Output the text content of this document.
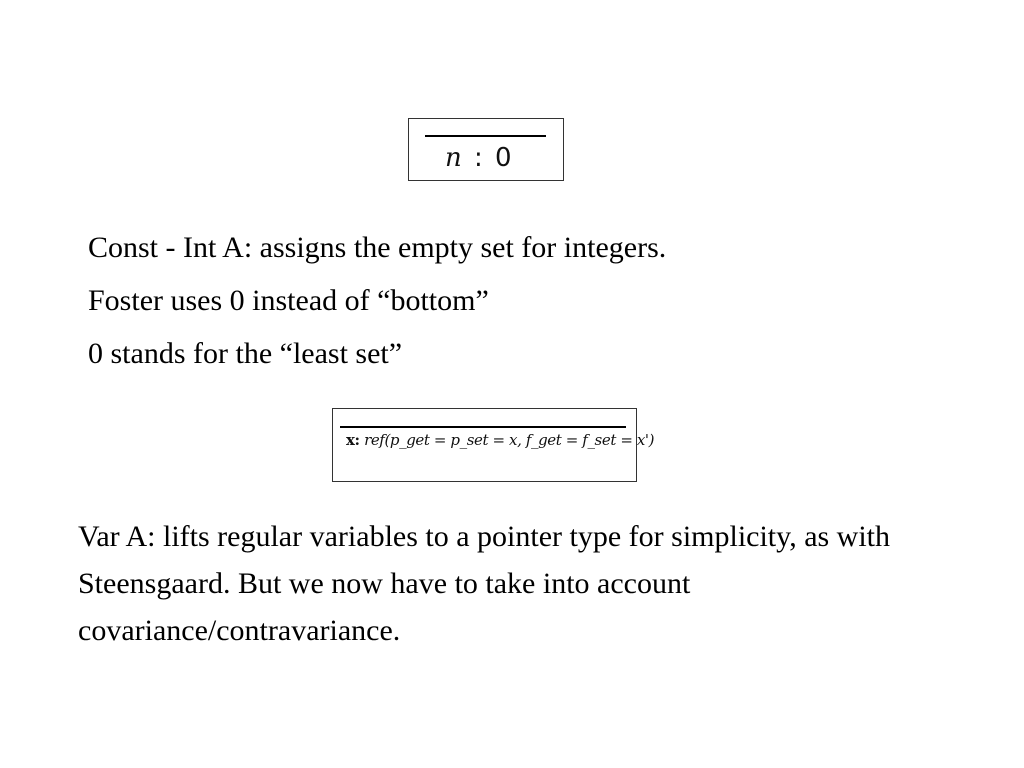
n : 0
Const - Int A: assigns the empty set for integers.
Foster uses 0 instead of “bottom”
0 stands for the “least set”
x: ref(p_get = p_set = x, f_get = f_set = x')
Var A: lifts regular variables to a pointer type for simplicity, as with Steensgaard. But we now have to take into account covariance/contravariance.
